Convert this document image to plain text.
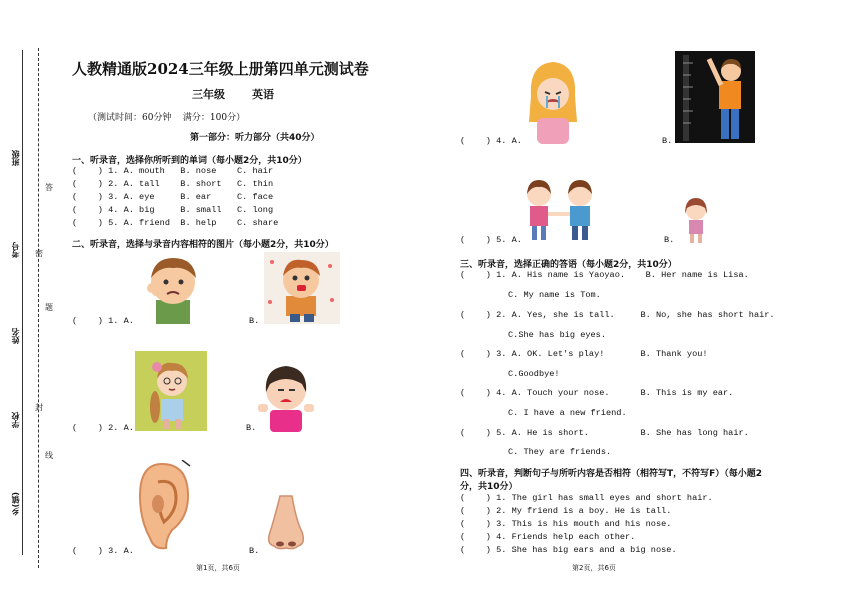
班级
考号
姓名
学校
乡(镇)
答
密
题
封
线
人教精通版2024三年级上册第四单元测试卷
三年级 英语
（测试时间：60分钟    满分：100分）
第一部分：听力部分（共40分）
一、听录音，选择你所听到的单词（每小题2分，共10分）
(    ) 1. A. mouth   B. nose    C. hair
(    ) 2. A. tall    B. short   C. thin
(    ) 3. A. eye     B. ear     C. face
(    ) 4. A. big     B. small   C. long
(    ) 5. A. friend  B. help    C. share
二、听录音，选择与录音内容相符的图片（每小题2分，共10分）
(    ) 1. A.	B.
(    ) 2. A.	B.
(    ) 3. A.	B.
第1页，共6页
(    ) 4. A.	B.
(    ) 5. A.	B.
三、听录音，选择正确的答语（每小题2分，共10分）
(    ) 1. A. His name is Yaoyao.    B. Her name is Lisa.
C. My name is Tom.
(    ) 2. A. Yes, she is tall.     B. No, she has short hair.
C.She has big eyes.
(    ) 3. A. OK. Let's play!       B. Thank you!
C.Goodbye!
(    ) 4. A. Touch your nose.      B. This is my ear.
C. I have a new friend.
(    ) 5. A. He is short.          B. She has long hair.
C. They are friends.
四、听录音，判断句子与所听内容是否相符（相符写T，不符写F）（每小题2
分，共10分）
(    ) 1. The girl has small eyes and short hair.
(    ) 2. My friend is a boy. He is tall.
(    ) 3. This is his mouth and his nose.
(    ) 4. Friends help each other.
(    ) 5. She has big ears and a big nose.
第2页，共6页
